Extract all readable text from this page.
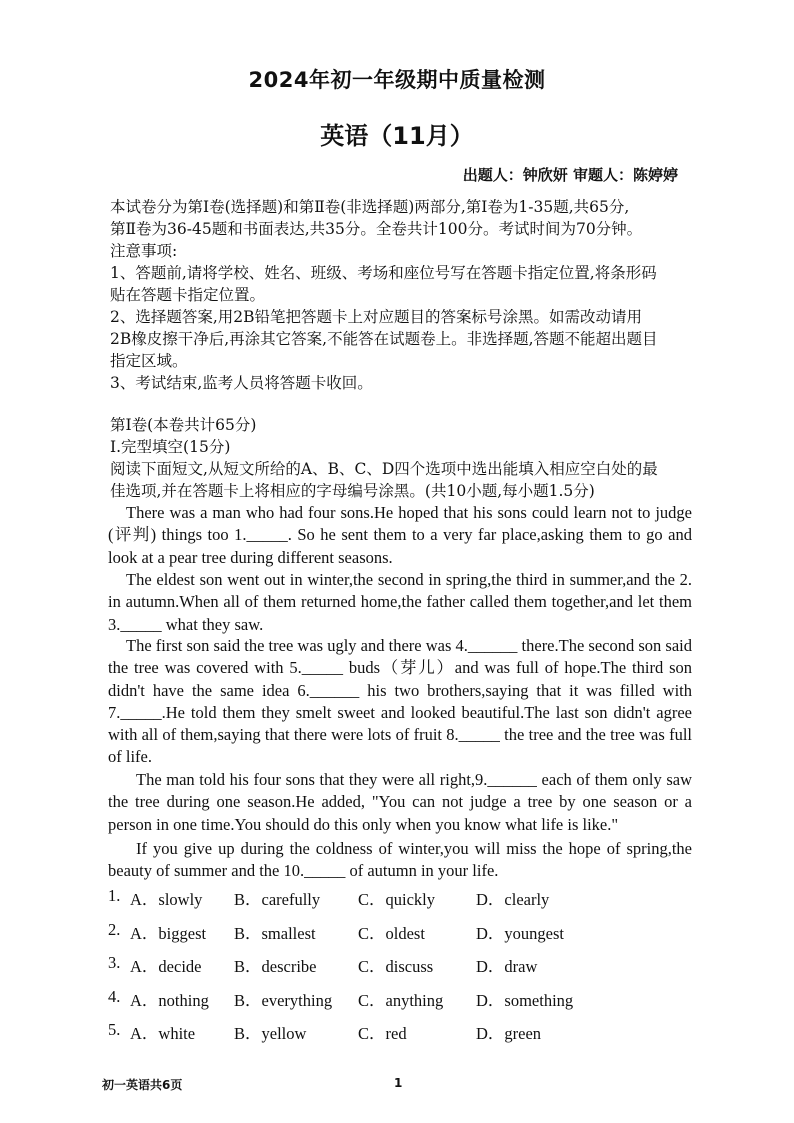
2024年初一年级期中质量检测
英语（11月）
出题人：钟欣妍 审题人：陈婷婷
本试卷分为第Ⅰ卷(选择题)和第Ⅱ卷(非选择题)两部分,第Ⅰ卷为1-35题,共65分,
第Ⅱ卷为36-45题和书面表达,共35分。全卷共计100分。考试时间为70分钟。
注意事项:
1、答题前,请将学校、姓名、班级、考场和座位号写在答题卡指定位置,将条形码
贴在答题卡指定位置。
2、选择题答案,用2B铅笔把答题卡上对应题目的答案标号涂黑。如需改动请用
2B橡皮擦干净后,再涂其它答案,不能答在试题卷上。非选择题,答题不能超出题目
指定区域。
3、考试结束,监考人员将答题卡收回。
第Ⅰ卷(本卷共计65分)
Ⅰ.完型填空(15分)
阅读下面短文,从短文所给的A、B、C、D四个选项中选出能填入相应空白处的最
佳选项,并在答题卡上将相应的字母编号涂黑。(共10小题,每小题1.5分)

There was a man who had four sons.He hoped that his sons could learn not to judge (评判) things too 1._____. So he sent them to a very far place,asking them to go and look at a pear tree during different seasons.

The eldest son went out in winter,the second in spring,the third in summer,and the 2. in autumn.When all of them returned home,the father called them together,and let them 3._____ what they saw.

The first son said the tree was ugly and there was 4.______ there.The second son said the tree was covered with 5._____ buds（芽儿）and was full of hope.The third son didn't have the same idea 6.______ his two brothers,saying that it was filled with 7._____.He told them they smelt sweet and looked beautiful.The last son didn't agree with all of them,saying that there were lots of fruit 8._____ the tree and the tree was full of life.

The man told his four sons that they were all right,9.______ each of them only saw the tree during one season.He added, "You can not judge a tree by one season or a person in one time.You should do this only when you know what life is like."

If you give up during the coldness of winter,you will miss the hope of spring,the beauty of summer and the 10._____ of autumn in your life.

1. A．slowly B．carefully C．quickly D．clearly
2. A．biggest B．smallest	C．oldest	D．youngest
3. A．decide B．describe	C．discuss	D．draw
4. A．nothing B．everything C．anything D．something
5. A．white B．yellow	C．red	D．green
初一英语共6页	1
